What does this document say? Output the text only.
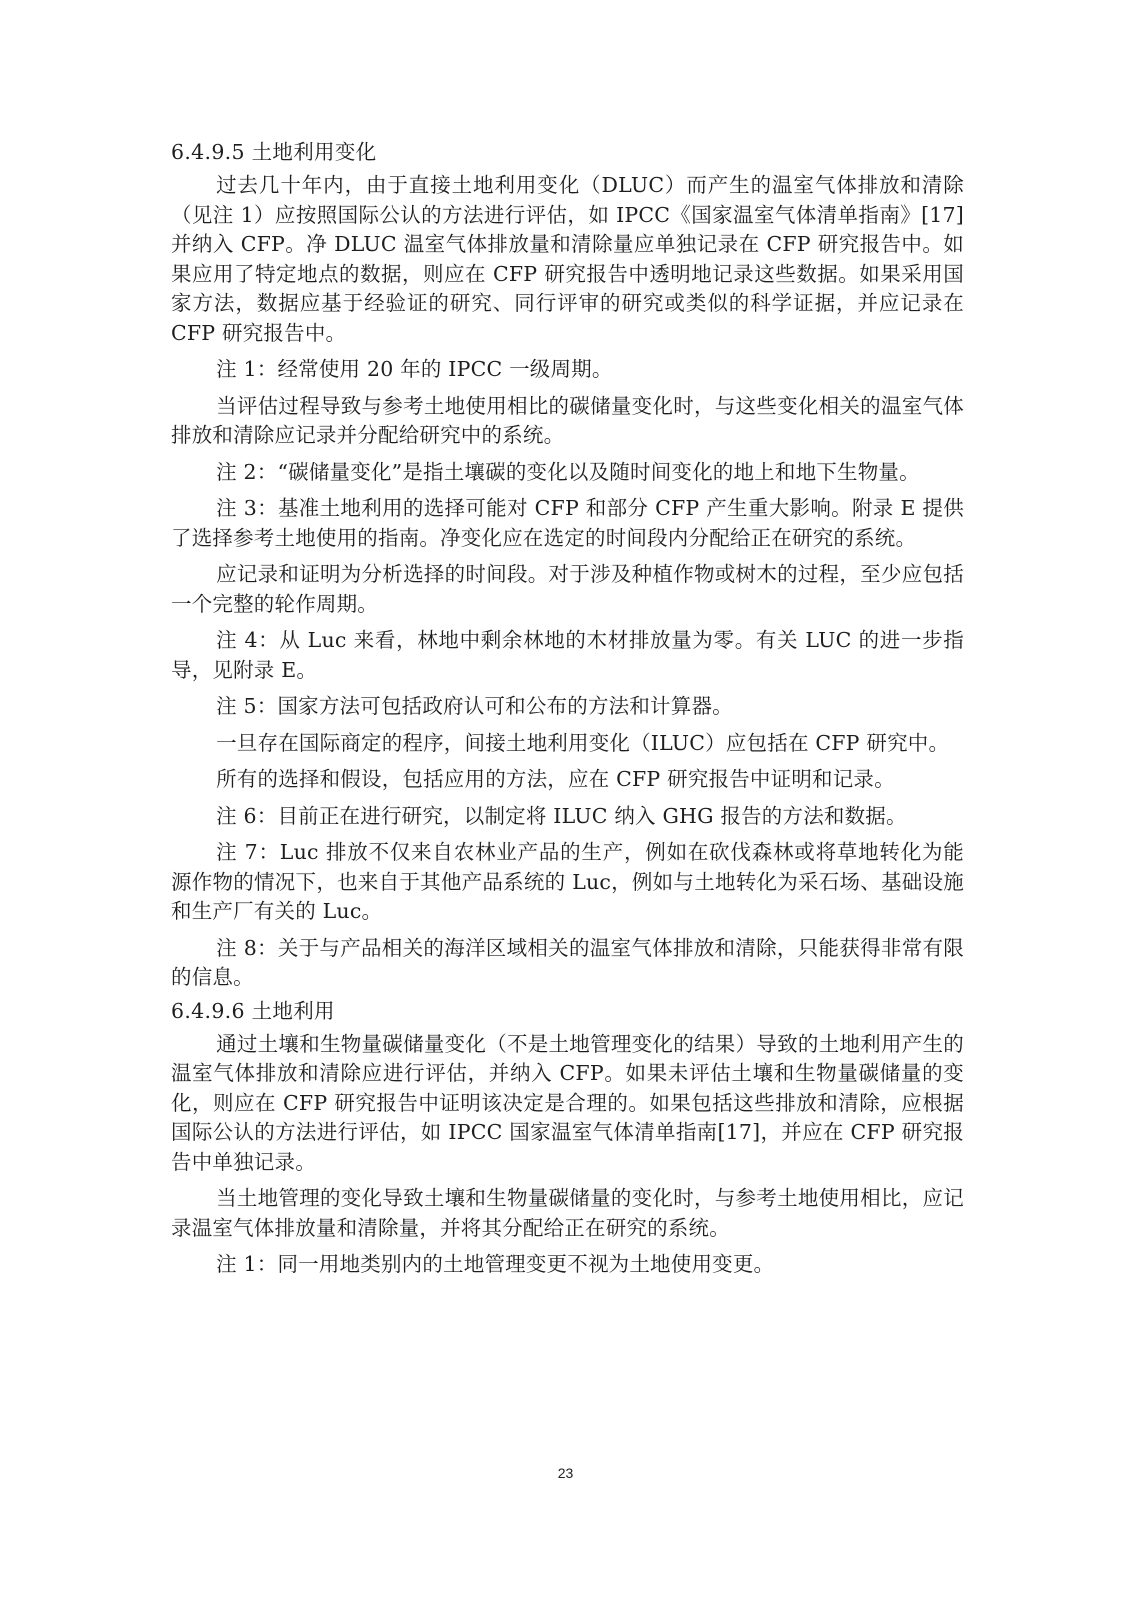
6.4.9.5 土地利用变化

过去几十年内，由于直接土地利用变化（DLUC）而产生的温室气体排放和清除（见注 1）应按照国际公认的方法进行评估，如 IPCC《国家温室气体清单指南》[17]并纳入 CFP。净 DLUC 温室气体排放量和清除量应单独记录在 CFP 研究报告中。如果应用了特定地点的数据，则应在 CFP 研究报告中透明地记录这些数据。如果采用国家方法，数据应基于经验证的研究、同行评审的研究或类似的科学证据，并应记录在 CFP 研究报告中。

注 1：经常使用 20 年的 IPCC 一级周期。

当评估过程导致与参考土地使用相比的碳储量变化时，与这些变化相关的温室气体排放和清除应记录并分配给研究中的系统。

注 2：“碳储量变化”是指土壤碳的变化以及随时间变化的地上和地下生物量。

注 3：基准土地利用的选择可能对 CFP 和部分 CFP 产生重大影响。附录 E 提供了选择参考土地使用的指南。净变化应在选定的时间段内分配给正在研究的系统。

应记录和证明为分析选择的时间段。对于涉及种植作物或树木的过程，至少应包括一个完整的轮作周期。

注 4：从 Luc 来看，林地中剩余林地的木材排放量为零。有关 LUC 的进一步指导，见附录 E。

注 5：国家方法可包括政府认可和公布的方法和计算器。

一旦存在国际商定的程序，间接土地利用变化（ILUC）应包括在 CFP 研究中。

所有的选择和假设，包括应用的方法，应在 CFP 研究报告中证明和记录。

注 6：目前正在进行研究，以制定将 ILUC 纳入 GHG 报告的方法和数据。

注 7：Luc 排放不仅来自农林业产品的生产，例如在砍伐森林或将草地转化为能源作物的情况下，也来自于其他产品系统的 Luc，例如与土地转化为采石场、基础设施和生产厂有关的 Luc。

注 8：关于与产品相关的海洋区域相关的温室气体排放和清除，只能获得非常有限的信息。

6.4.9.6 土地利用

通过土壤和生物量碳储量变化（不是土地管理变化的结果）导致的土地利用产生的温室气体排放和清除应进行评估，并纳入 CFP。如果未评估土壤和生物量碳储量的变化，则应在 CFP 研究报告中证明该决定是合理的。如果包括这些排放和清除，应根据国际公认的方法进行评估，如 IPCC 国家温室气体清单指南[17]，并应在 CFP 研究报告中单独记录。

当土地管理的变化导致土壤和生物量碳储量的变化时，与参考土地使用相比，应记录温室气体排放量和清除量，并将其分配给正在研究的系统。

注 1：同一用地类别内的土地管理变更不视为土地使用变更。

23
